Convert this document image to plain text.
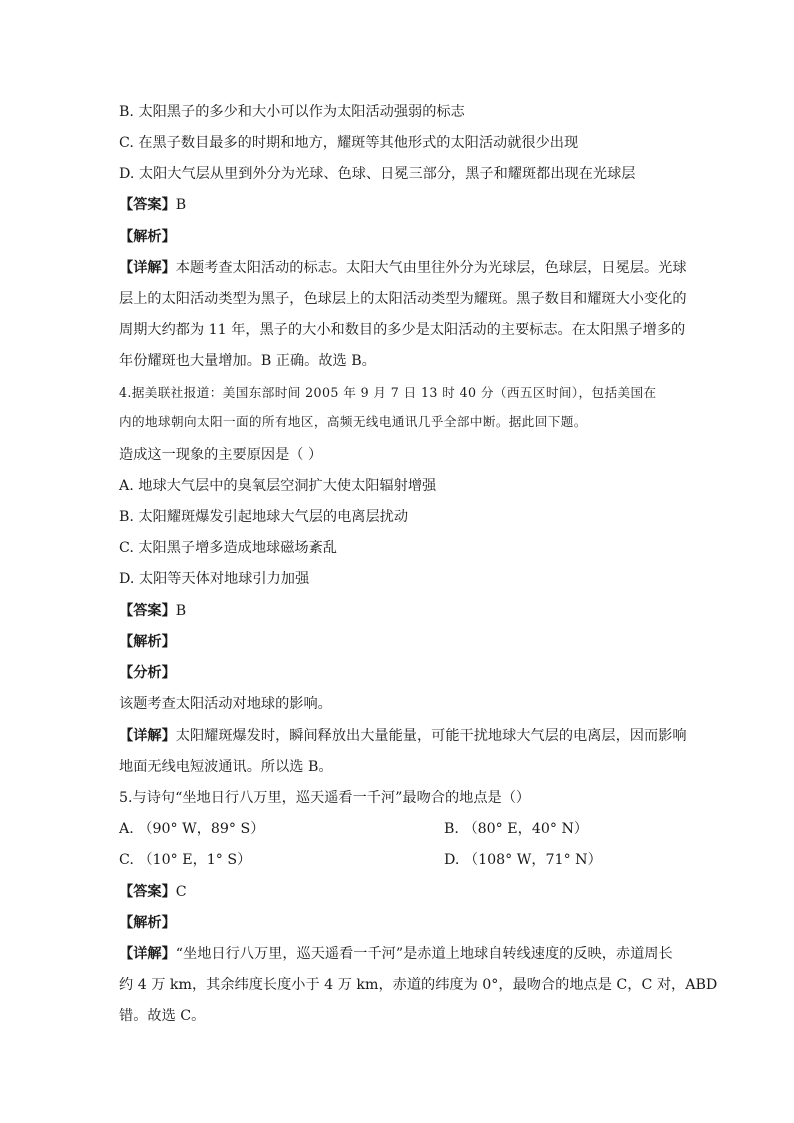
B. 太阳黑子的多少和大小可以作为太阳活动强弱的标志
C. 在黑子数目最多的时期和地方，耀斑等其他形式的太阳活动就很少出现
D. 太阳大气层从里到外分为光球、色球、日冕三部分，黑子和耀斑都出现在光球层
【答案】B
【解析】
【详解】本题考查太阳活动的标志。太阳大气由里往外分为光球层，色球层，日冕层。光球
层上的太阳活动类型为黑子，色球层上的太阳活动类型为耀斑。黑子数目和耀斑大小变化的
周期大约都为 11 年，黑子的大小和数目的多少是太阳活动的主要标志。在太阳黑子增多的
年份耀斑也大量增加。B 正确。故选 B。
4.据美联社报道：美国东部时间 2005 年 9 月 7 日 13 时 40 分（西五区时间），包括美国在
内的地球朝向太阳一面的所有地区，高频无线电通讯几乎全部中断。据此回下题。
造成这一现象的主要原因是（ ）
A. 地球大气层中的臭氧层空洞扩大使太阳辐射增强
B. 太阳耀斑爆发引起地球大气层的电离层扰动
C. 太阳黑子增多造成地球磁场紊乱
D. 太阳等天体对地球引力加强
【答案】B
【解析】
【分析】
该题考查太阳活动对地球的影响。
【详解】太阳耀斑爆发时，瞬间释放出大量能量，可能干扰地球大气层的电离层，因而影响
地面无线电短波通讯。所以选 B。
5.与诗句“坐地日行八万里，巡天遥看一千河”最吻合的地点是（）
A. （90° W，89° S）	B. （80° E，40° N）
C. （10° E，1° S）	D. （108° W，71° N）
【答案】C
【解析】
【详解】“坐地日行八万里，巡天遥看一千河”是赤道上地球自转线速度的反映，赤道周长
约 4 万 km，其余纬度长度小于 4 万 km，赤道的纬度为 0°，最吻合的地点是 C，C 对，ABD
错。故选 C。
